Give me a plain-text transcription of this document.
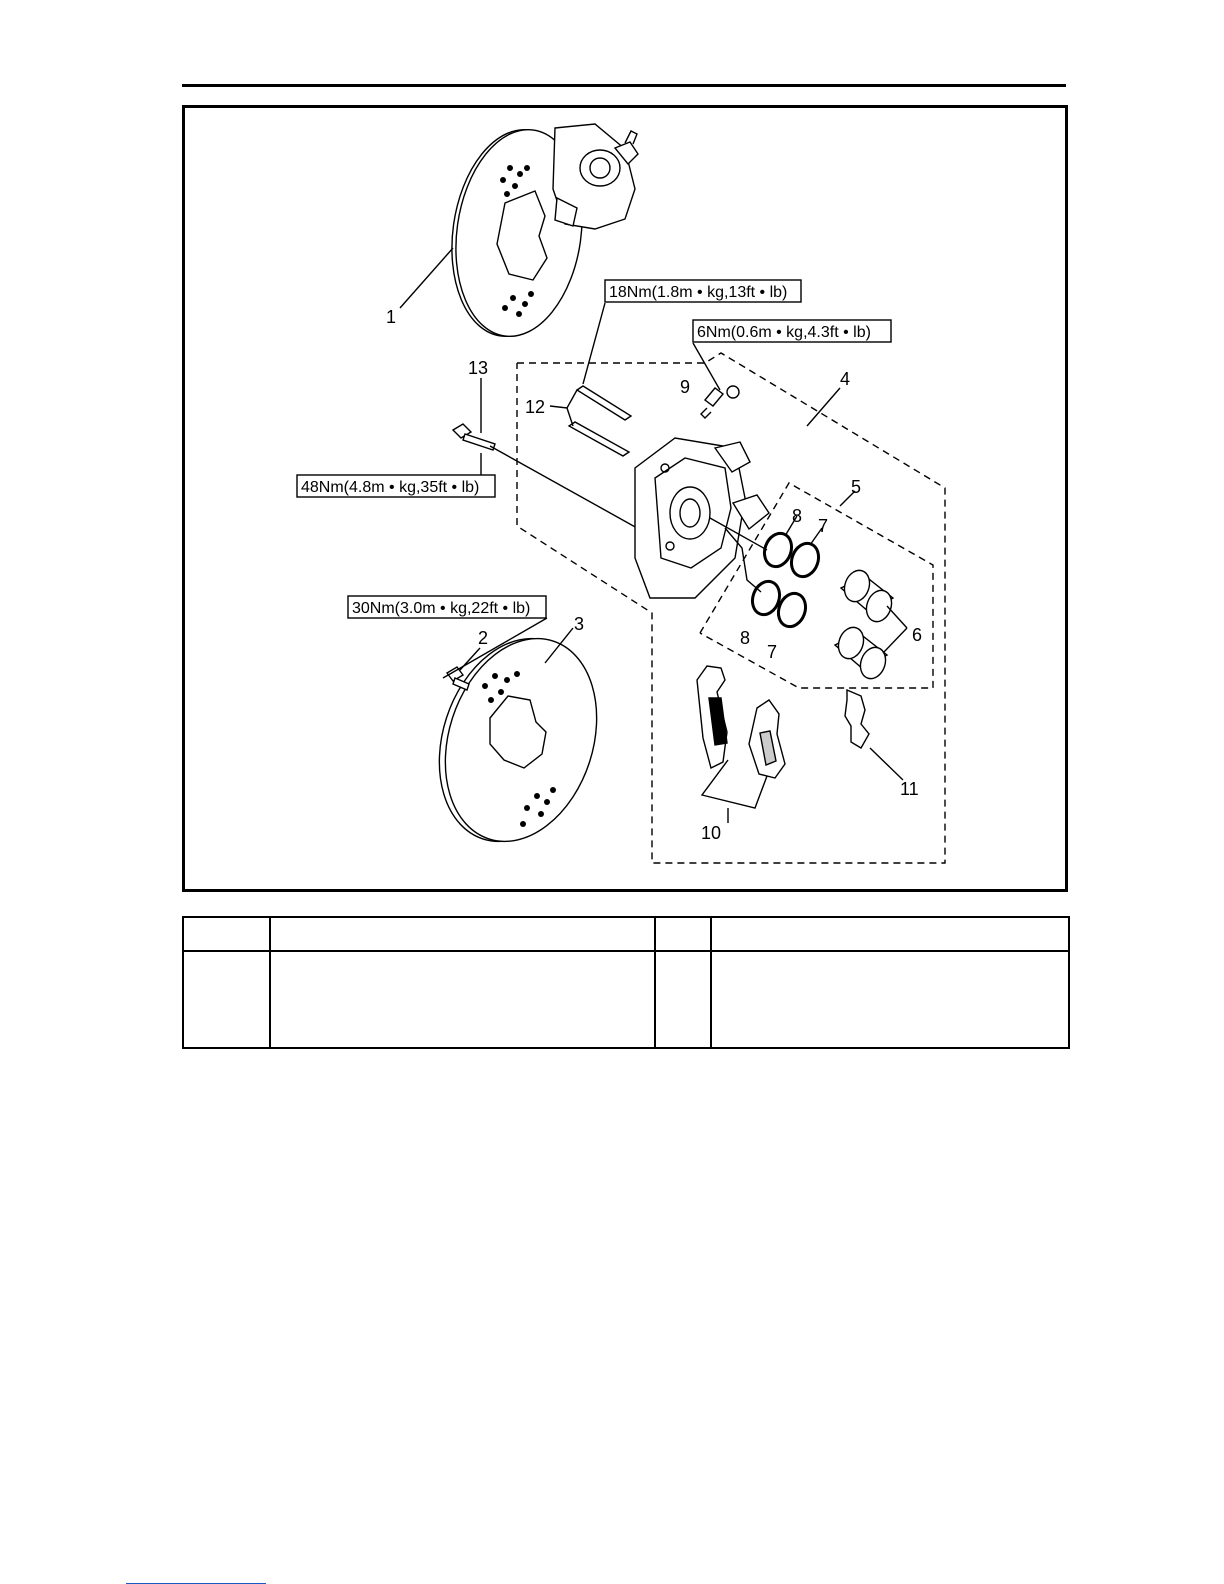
1
2
3
4
5
6
7
7
8
8
9
10
11
12
13
18Nm(1.8m • kg,13ft • lb)
6Nm(0.6m • kg,4.3ft • lb)
48Nm(4.8m • kg,35ft • lb)
30Nm(3.0m • kg,22ft • lb)
